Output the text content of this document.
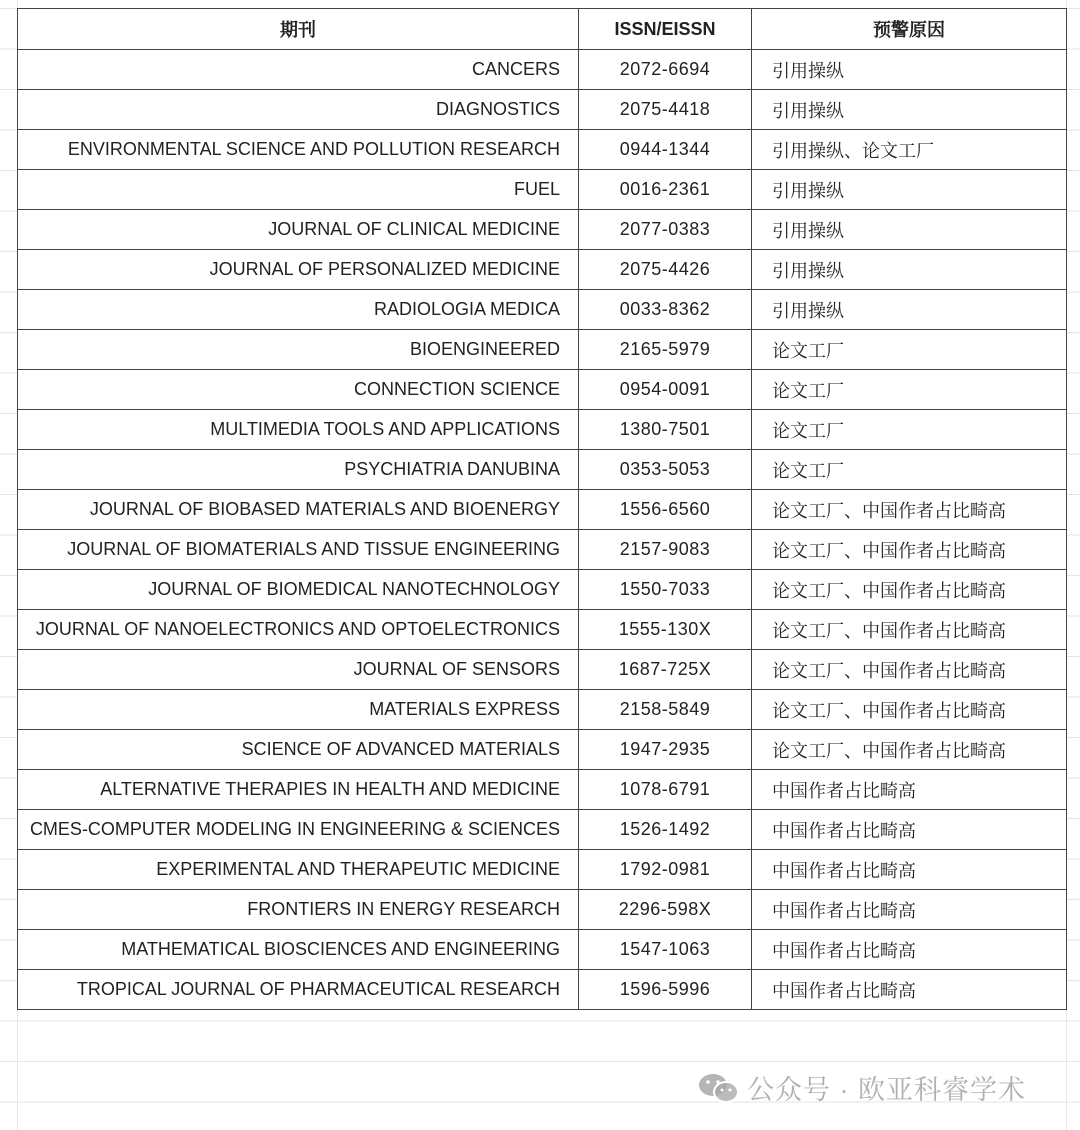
期刊	ISSN/EISSN	预警原因
CANCERS	2072-6694	引用操纵
DIAGNOSTICS	2075-4418	引用操纵
ENVIRONMENTAL SCIENCE AND POLLUTION RESEARCH	0944-1344	引用操纵、论文工厂
FUEL	0016-2361	引用操纵
JOURNAL OF CLINICAL MEDICINE	2077-0383	引用操纵
JOURNAL OF PERSONALIZED MEDICINE	2075-4426	引用操纵
RADIOLOGIA MEDICA	0033-8362	引用操纵
BIOENGINEERED	2165-5979	论文工厂
CONNECTION SCIENCE	0954-0091	论文工厂
MULTIMEDIA TOOLS AND APPLICATIONS	1380-7501	论文工厂
PSYCHIATRIA DANUBINA	0353-5053	论文工厂
JOURNAL OF BIOBASED MATERIALS AND BIOENERGY	1556-6560	论文工厂、中国作者占比畸高
JOURNAL OF BIOMATERIALS AND TISSUE ENGINEERING	2157-9083	论文工厂、中国作者占比畸高
JOURNAL OF BIOMEDICAL NANOTECHNOLOGY	1550-7033	论文工厂、中国作者占比畸高
JOURNAL OF NANOELECTRONICS AND OPTOELECTRONICS	1555-130X	论文工厂、中国作者占比畸高
JOURNAL OF SENSORS	1687-725X	论文工厂、中国作者占比畸高
MATERIALS EXPRESS	2158-5849	论文工厂、中国作者占比畸高
SCIENCE OF ADVANCED MATERIALS	1947-2935	论文工厂、中国作者占比畸高
ALTERNATIVE THERAPIES IN HEALTH AND MEDICINE	1078-6791	中国作者占比畸高
CMES-COMPUTER MODELING IN ENGINEERING & SCIENCES	1526-1492	中国作者占比畸高
EXPERIMENTAL AND THERAPEUTIC MEDICINE	1792-0981	中国作者占比畸高
FRONTIERS IN ENERGY RESEARCH	2296-598X	中国作者占比畸高
MATHEMATICAL BIOSCIENCES AND ENGINEERING	1547-1063	中国作者占比畸高
TROPICAL JOURNAL OF PHARMACEUTICAL RESEARCH	1596-5996	中国作者占比畸高
公众号 · 欧亚科睿学术
